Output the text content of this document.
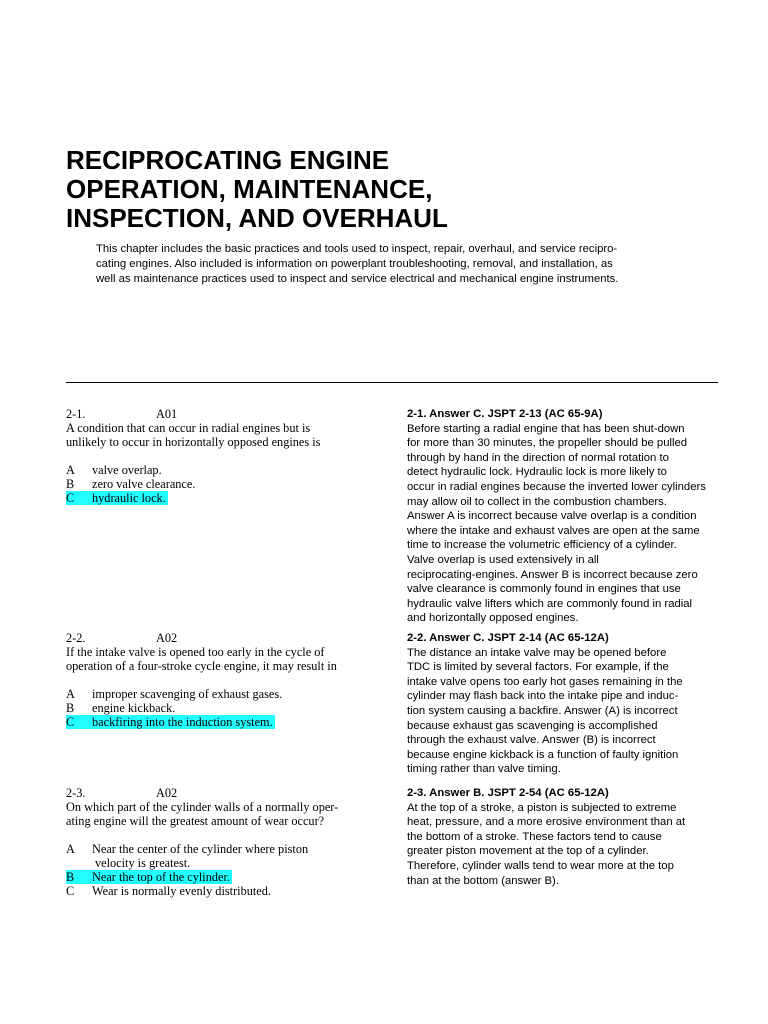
RECIPROCATING ENGINE
OPERATION, MAINTENANCE,
INSPECTION, AND OVERHAUL
This chapter includes the basic practices and tools used to inspect, repair, overhaul, and service recipro-
cating engines. Also included is information on powerplant troubleshooting, removal, and installation, as
well as maintenance practices used to inspect and service electrical and mechanical engine instruments.
2-1.	A01
A condition that can occur in radial engines but is
unlikely to occur in horizontally opposed engines is
A valve overlap.
B zero valve clearance.
C hydraulic lock.
2-2.	A02
If the intake valve is opened too early in the cycle of
operation of a four-stroke cycle engine, it may result in
A improper scavenging of exhaust gases.
B engine kickback.
C backfiring into the induction system.
2-3.	A02
On which part of the cylinder walls of a normally oper-
ating engine will the greatest amount of wear occur?
A Near the center of the cylinder where piston
velocity is greatest.
B Near the top of the cylinder.
C Wear is normally evenly distributed.
2-1. Answer C. JSPT 2-13 (AC 65-9A)
Before starting a radial engine that has been shut-down
for more than 30 minutes, the propeller should be pulled
through by hand in the direction of normal rotation to
detect hydraulic lock. Hydraulic lock is more likely to
occur in radial engines because the inverted lower cylinders
may allow oil to collect in the combustion chambers.
Answer A is incorrect because valve overlap is a condition
where the intake and exhaust valves are open at the same
time to increase the volumetric efficiency of a cylinder.
Valve overlap is used extensively in all
reciprocating-engines. Answer B is incorrect because zero
valve clearance is commonly found in engines that use
hydraulic valve lifters which are commonly found in radial
and horizontally opposed engines.
2-2. Answer C. JSPT 2-14 (AC 65-12A)
The distance an intake valve may be opened before
TDC is limited by several factors. For example, if the
intake valve opens too early hot gases remaining in the
cylinder may flash back into the intake pipe and induc-
tion system causing a backfire. Answer (A) is incorrect
because exhaust gas scavenging is accomplished
through the exhaust valve. Answer (B) is incorrect
because engine kickback is a function of faulty ignition
timing rather than valve timing.
2-3. Answer B. JSPT 2-54 (AC 65-12A)
At the top of a stroke, a piston is subjected to extreme
heat, pressure, and a more erosive environment than at
the bottom of a stroke. These factors tend to cause
greater piston movement at the top of a cylinder.
Therefore, cylinder walls tend to wear more at the top
than at the bottom (answer B).
